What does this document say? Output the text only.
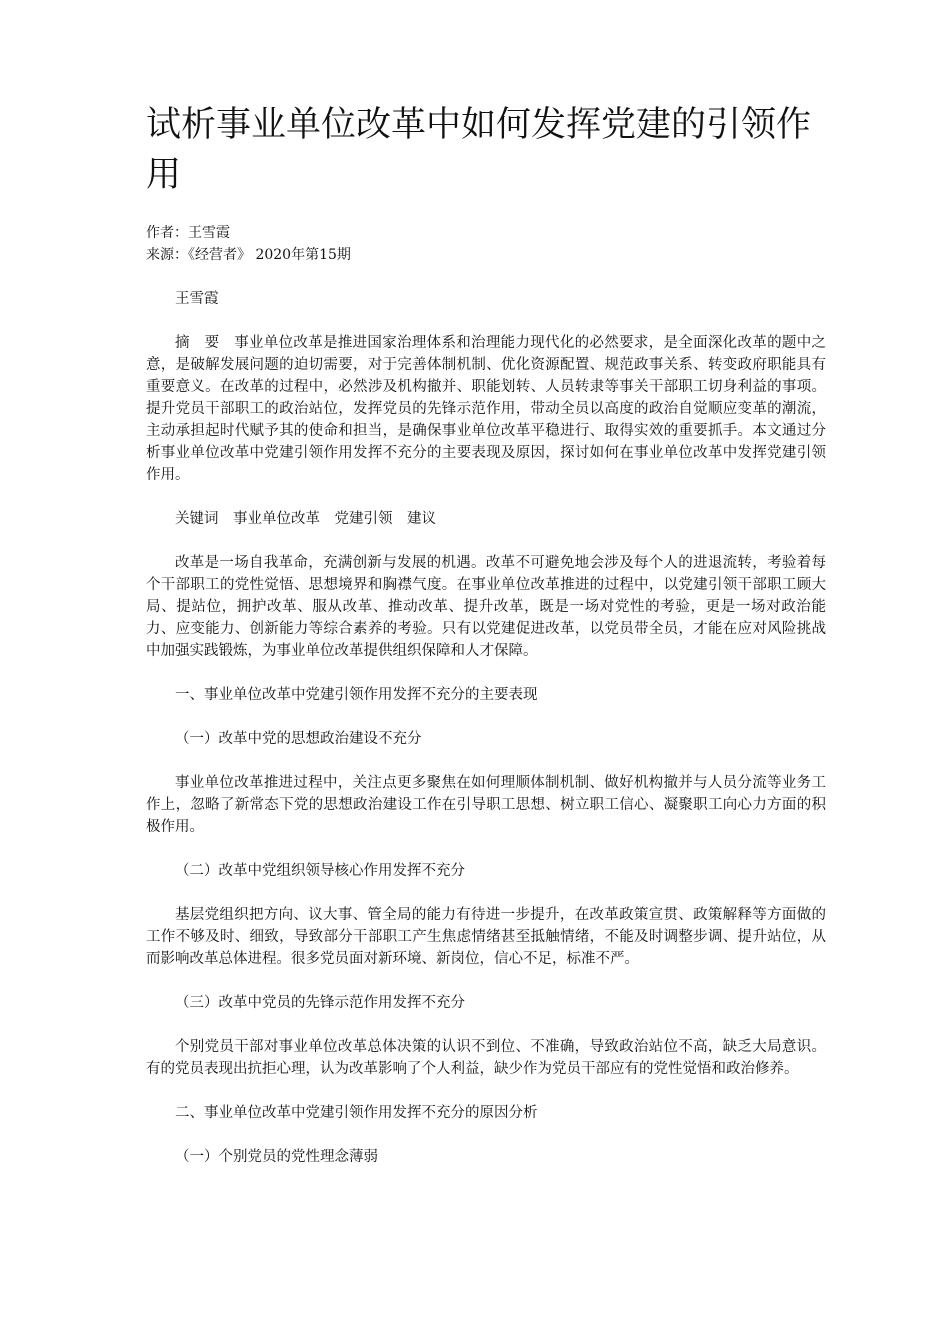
试析事业单位改革中如何发挥党建的引领作用
作者：王雪霞
来源：《经营者》 2020年第15期

王雪霞

摘　要　事业单位改革是推进国家治理体系和治理能力现代化的必然要求，是全面深化改革的题中之意，是破解发展问题的迫切需要，对于完善体制机制、优化资源配置、规范政事关系、转变政府职能具有重要意义。在改革的过程中，必然涉及机构撤并、职能划转、人员转隶等事关干部职工切身利益的事项。提升党员干部职工的政治站位，发挥党员的先锋示范作用，带动全员以高度的政治自觉顺应变革的潮流，主动承担起时代赋予其的使命和担当，是确保事业单位改革平稳进行、取得实效的重要抓手。本文通过分析事业单位改革中党建引领作用发挥不充分的主要表现及原因，探讨如何在事业单位改革中发挥党建引领作用。

关键词　事业单位改革　党建引领　建议

改革是一场自我革命，充满创新与发展的机遇。改革不可避免地会涉及每个人的进退流转，考验着每个干部职工的党性觉悟、思想境界和胸襟气度。在事业单位改革推进的过程中，以党建引领干部职工顾大局、提站位，拥护改革、服从改革、推动改革、提升改革，既是一场对党性的考验，更是一场对政治能力、应变能力、创新能力等综合素养的考验。只有以党建促进改革，以党员带全员，才能在应对风险挑战中加强实践锻炼，为事业单位改革提供组织保障和人才保障。

一、事业单位改革中党建引领作用发挥不充分的主要表现

（一）改革中党的思想政治建设不充分

事业单位改革推进过程中，关注点更多聚焦在如何理顺体制机制、做好机构撤并与人员分流等业务工作上，忽略了新常态下党的思想政治建设工作在引导职工思想、树立职工信心、凝聚职工向心力方面的积极作用。

（二）改革中党组织领导核心作用发挥不充分

基层党组织把方向、议大事、管全局的能力有待进一步提升，在改革政策宣贯、政策解释等方面做的工作不够及时、细致，导致部分干部职工产生焦虑情绪甚至抵触情绪，不能及时调整步调、提升站位，从而影响改革总体进程。很多党员面对新环境、新岗位，信心不足，标准不严。

（三）改革中党员的先锋示范作用发挥不充分

个别党员干部对事业单位改革总体决策的认识不到位、不准确，导致政治站位不高，缺乏大局意识。有的党员表现出抗拒心理，认为改革影响了个人利益，缺少作为党员干部应有的党性觉悟和政治修养。

二、事业单位改革中党建引领作用发挥不充分的原因分析

（一）个别党员的党性理念薄弱
